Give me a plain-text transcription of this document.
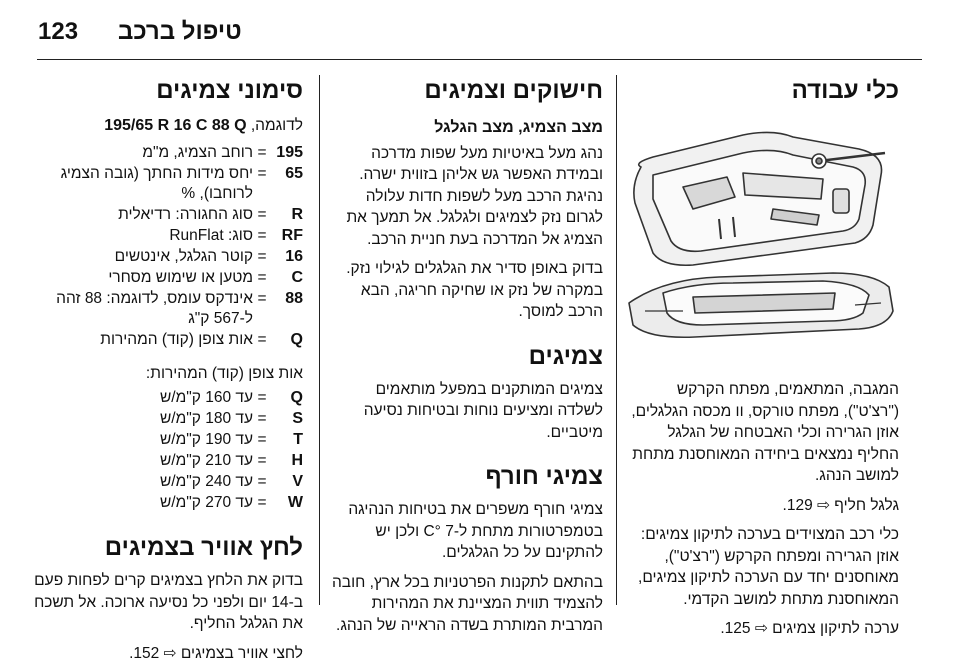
123 טיפול ברכב
כלי עבודה

המגבה, המתאמים, מפתח הקרקש ("רצ'ט"), מפתח טורקס, וו מכסה הגלגלים, אוזן הגרירה וכלי האבטחה של הגלגל החליף נמצאים ביחידה המאוחסנת מתחת למושב הנהג.

גלגל חליף ⇨ 129.

כלי רכב המצוידים בערכה לתיקון צמיגים: אוזן הגרירה ומפתח הקרקש ("רצ'ט"), מאוחסנים יחד עם הערכה לתיקון צמיגים, המאוחסנת מתחת למושב הקדמי.

ערכה לתיקון צמיגים ⇨ 125.

חישוקים וצמיגים
מצב הצמיג, מצב הגלגל

נהג מעל באיטיות מעל שפות מדרכה ובמידת האפשר גש אליהן בזווית ישרה. נהיגת הרכב מעל לשפות חדות עלולה לגרום נזק לצמיגים ולגלגל. אל תמעך את הצמיג אל המדרכה בעת חניית הרכב.

בדוק באופן סדיר את הגלגלים לגילוי נזק. במקרה של נזק או שחיקה חריגה, הבא הרכב למוסך.

צמיגים

צמיגים המותקנים במפעל מותאמים לשלדה ומציעים נוחות ובטיחות נסיעה מיטביים.

צמיגי חורף

צמיגי חורף משפרים את בטיחות הנהיגה בטמפרטורות מתחת ל-7 °C ולכן יש להתקינם על כל הגלגלים.

בהתאם לתקנות הפרטניות בכל ארץ, חובה להצמיד תווית המציינת את המהירות המרבית המותרת בשדה הראייה של הנהג.

סימוני צמיגים
לדוגמה, 195/65 R 16 C 88 Q
195	=	רוחב הצמיג, מ"מ
65	=	יחס מידות החתך (גובה הצמיג לרוחבו), %
R	=	סוג החגורה: רדיאלית
RF	=	סוג: RunFlat
16	=	קוטר הגלגל, אינטשים
C	=	מטען או שימוש מסחרי
88	=	אינדקס עומס, לדוגמה: 88 זהה ל-567 ק"ג
Q	=	אות צופן (קוד) המהירות

אות צופן (קוד) המהירות:

Q	=	עד 160 ק"מ/ש
S	=	עד 180 ק"מ/ש
T	=	עד 190 ק"מ/ש
H	=	עד 210 ק"מ/ש
V	=	עד 240 ק"מ/ש
W	=	עד 270 ק"מ/ש
לחץ אוויר בצמיגים

בדוק את הלחץ בצמיגים קרים לפחות פעם ב-14 יום ולפני כל נסיעה ארוכה. אל תשכח את הגלגל החליף.

לחצי אוויר בצמיגים ⇨ 152.
